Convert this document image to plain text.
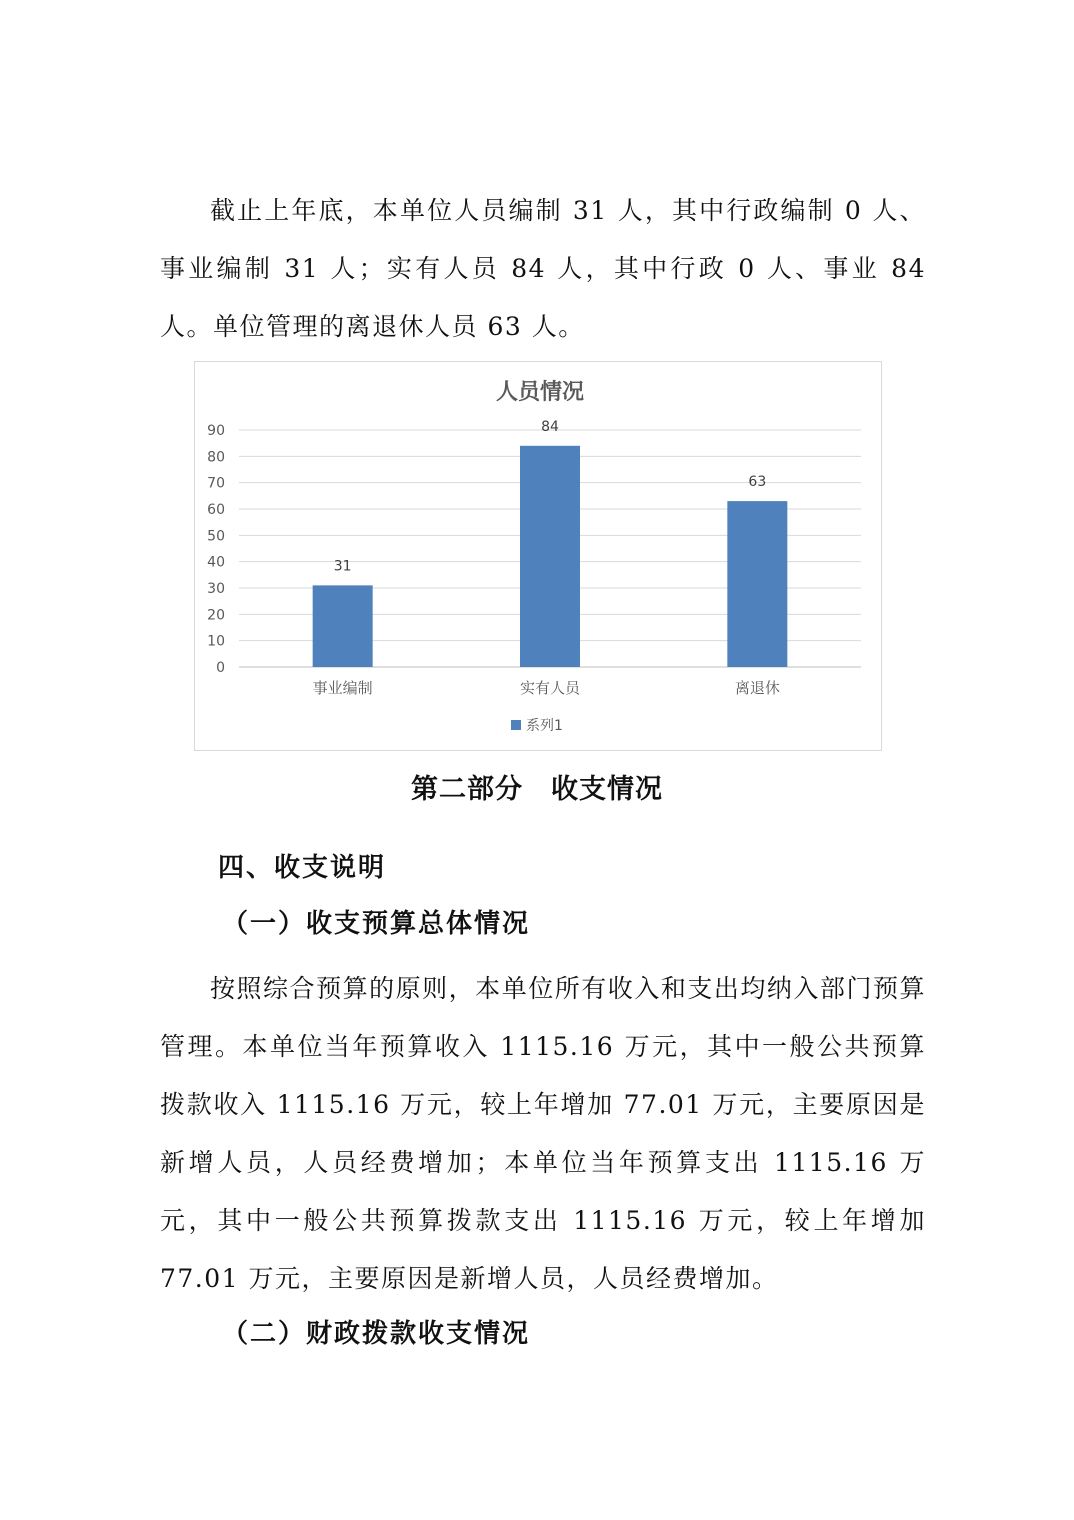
截止上年底，本单位人员编制 31 人，其中行政编制 0 人、事业编制 31 人；实有人员 84 人，其中行政 0 人、事业 84 人。单位管理的离退休人员 63 人。

人员情况
0
10
20
30
40
50
60
70
80
90
31
84
63
事业编制	实有人员	离退休
系列1
第二部分　收支情况
四、收支说明
（一）收支预算总体情况

按照综合预算的原则，本单位所有收入和支出均纳入部门预算管理。本单位当年预算收入 1115.16 万元，其中一般公共预算拨款收入 1115.16 万元，较上年增加 77.01 万元，主要原因是新增人员，人员经费增加；本单位当年预算支出 1115.16 万元，其中一般公共预算拨款支出 1115.16 万元，较上年增加 77.01 万元，主要原因是新增人员，人员经费增加。

（二）财政拨款收支情况
